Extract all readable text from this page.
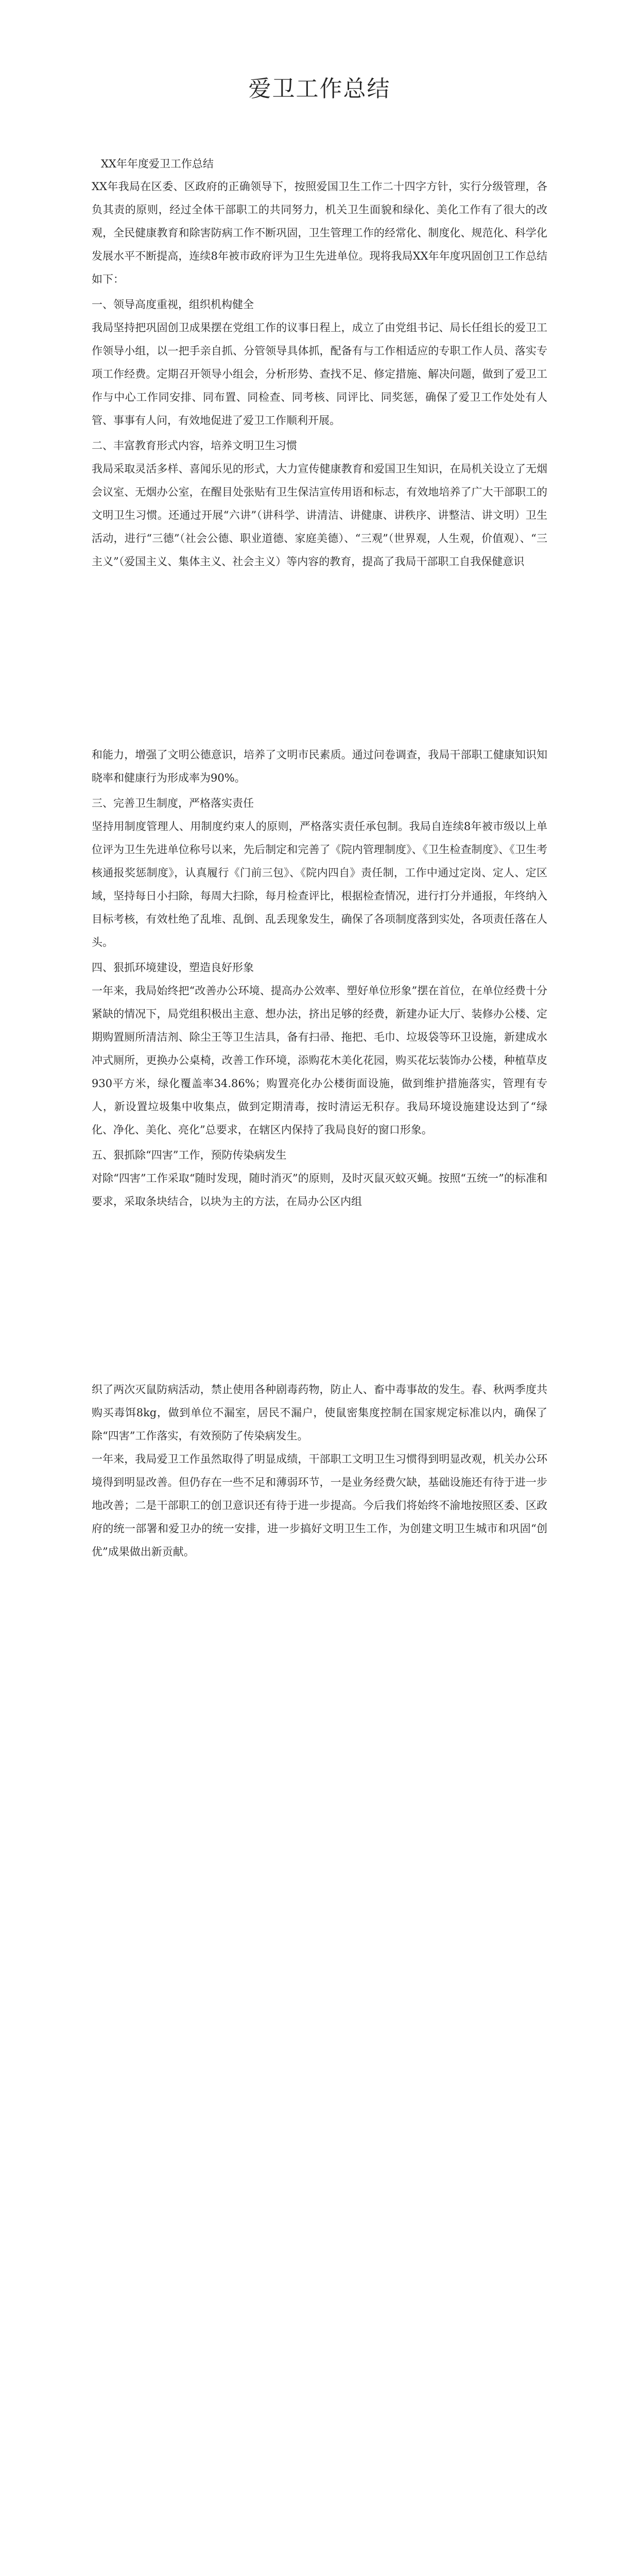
爱卫工作总结
XX年年度爱卫工作总结

XX年我局在区委、区政府的正确领导下，按照爱国卫生工作二十四字方针，实行分级管理，各负其责的原则，经过全体干部职工的共同努力，机关卫生面貌和绿化、美化工作有了很大的改观，全民健康教育和除害防病工作不断巩固，卫生管理工作的经常化、制度化、规范化、科学化发展水平不断提高，连续8年被市政府评为卫生先进单位。现将我局XX年年度巩固创卫工作总结如下：

一、领导高度重视，组织机构健全

我局坚持把巩固创卫成果摆在党组工作的议事日程上，成立了由党组书记、局长任组长的爱卫工作领导小组，以一把手亲自抓、分管领导具体抓，配备有与工作相适应的专职工作人员、落实专项工作经费。定期召开领导小组会，分析形势、查找不足、修定措施、解决问题，做到了爱卫工作与中心工作同安排、同布置、同检查、同考核、同评比、同奖惩，确保了爱卫工作处处有人管、事事有人问，有效地促进了爱卫工作顺利开展。

二、丰富教育形式内容，培养文明卫生习惯

我局采取灵活多样、喜闻乐见的形式，大力宣传健康教育和爱国卫生知识，在局机关设立了无烟会议室、无烟办公室，在醒目处张贴有卫生保洁宣传用语和标志，有效地培养了广大干部职工的文明卫生习惯。还通过开展“六讲”（讲科学、讲清洁、讲健康、讲秩序、讲整洁、讲文明）卫生活动，进行“三德”（社会公德、职业道德、家庭美德）、“三观”（世界观，人生观，价值观）、“三主义”（爱国主义、集体主义、社会主义）等内容的教育，提高了我局干部职工自我保健意识

和能力，增强了文明公德意识，培养了文明市民素质。通过问卷调查，我局干部职工健康知识知晓率和健康行为形成率为90%。

三、完善卫生制度，严格落实责任

坚持用制度管理人、用制度约束人的原则，严格落实责任承包制。我局自连续8年被市级以上单位评为卫生先进单位称号以来，先后制定和完善了《院内管理制度》、《卫生检查制度》、《卫生考核通报奖惩制度》，认真履行《门前三包》、《院内四自》责任制，工作中通过定岗、定人、定区域，坚持每日小扫除，每周大扫除，每月检查评比，根据检查情况，进行打分并通报，年终纳入目标考核，有效杜绝了乱堆、乱倒、乱丢现象发生，确保了各项制度落到实处，各项责任落在人头。

四、狠抓环境建设，塑造良好形象

一年来，我局始终把“改善办公环境、提高办公效率、塑好单位形象”摆在首位，在单位经费十分紧缺的情况下，局党组积极出主意、想办法，挤出足够的经费，新建办证大厅、装修办公楼、定期购置厕所清洁剂、除尘王等卫生洁具，备有扫帚、拖把、毛巾、垃圾袋等环卫设施，新建成水冲式厕所，更换办公桌椅，改善工作环境，添购花木美化花园，购买花坛装饰办公楼，种植草皮930平方米，绿化覆盖率34.86%；购置亮化办公楼街面设施，做到维护措施落实，管理有专人，新设置垃圾集中收集点，做到定期清毒，按时清运无积存。我局环境设施建设达到了“绿化、净化、美化、亮化”总要求，在辖区内保持了我局良好的窗口形象。

五、狠抓除“四害”工作，预防传染病发生

对除“四害”工作采取“随时发现，随时消灭”的原则，及时灭鼠灭蚊灭蝇。按照“五统一”的标准和要求，采取条块结合，以块为主的方法，在局办公区内组

织了两次灭鼠防病活动，禁止使用各种剧毒药物，防止人、畜中毒事故的发生。春、秋两季度共购买毒饵8kg，做到单位不漏室，居民不漏户，使鼠密集度控制在国家规定标准以内，确保了除“四害”工作落实，有效预防了传染病发生。

一年来，我局爱卫工作虽然取得了明显成绩，干部职工文明卫生习惯得到明显改观，机关办公环境得到明显改善。但仍存在一些不足和薄弱环节，一是业务经费欠缺，基础设施还有待于进一步地改善；二是干部职工的创卫意识还有待于进一步提高。今后我们将始终不渝地按照区委、区政府的统一部署和爱卫办的统一安排，进一步搞好文明卫生工作，为创建文明卫生城市和巩固“创优”成果做出新贡献。
